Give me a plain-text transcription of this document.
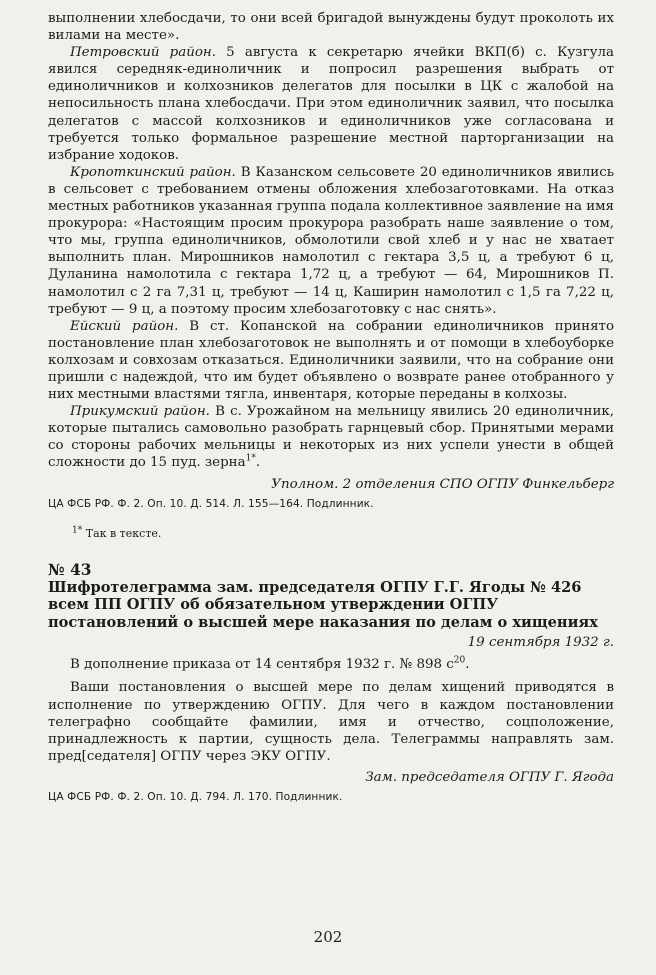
выполнении хлебосдачи, то они всей бригадой вынуждены будут проколоть их вилами на месте».

Петровский район. 5 августа к секретарю ячейки ВКП(б) с. Кузгула явился середняк-единоличник и попросил разрешения выбрать от единоличников и колхозников делегатов для посылки в ЦК с жалобой на непосильность плана хлебосдачи. При этом единоличник заявил, что посылка делегатов с массой колхозников и единоличников уже согласована и требуется только формальное разрешение местной парторганизации на избрание ходоков.

Кропоткинский район. В Казанском сельсовете 20 единоличников явились в сельсовет с требованием отмены обложения хлебозаготовками. На отказ местных работников указанная группа подала коллективное заявление на имя прокурора: «Настоящим просим прокурора разобрать наше заявление о том, что мы, группа единоличников, обмолотили свой хлеб и у нас не хватает выполнить план. Мирошников намолотил с гектара 3,5 ц, а требуют 6 ц, Дуланина намолотила с гектара 1,72 ц, а требуют — 64, Мирошников П. намолотил с 2 га 7,31 ц, требуют — 14 ц, Каширин намолотил с 1,5 га 7,22 ц, требуют — 9 ц, а поэтому просим хлебозаготовку с нас снять».

Ейский район. В ст. Копанской на собрании единоличников принято постановление план хлебозаготовок не выполнять и от помощи в хлебоуборке колхозам и совхозам отказаться. Единоличники заявили, что на собрание они пришли с надеждой, что им будет объявлено о возврате ранее отобранного у них местными властями тягла, инвентаря, которые переданы в колхозы.

Прикумский район. В с. Урожайном на мельницу явились 20 единоличник, которые пытались самовольно разобрать гарнцевый сбор. Принятыми мерами со стороны рабочих мельницы и некоторых из них успели унести в общей сложности до 15 пуд. зерна$^{1*}$.

Уполном. 2 отделения СПО ОГПУ Финкельберг
ЦА ФСБ РФ. Ф. 2. Оп. 10. Д. 514. Л. 155—164. Подлинник.
$^{1*}$ Так в тексте.
№ 43
Шифротелеграмма зам. председателя ОГПУ Г.Г. Ягоды № 426 всем ПП ОГПУ об обязательном утверждении ОГПУ постановлений о высшей мере наказания по делам о хищениях
19 сентября 1932 г.

В дополнение приказа от 14 сентября 1932 г. № 898 $с^{20}$.

Ваши постановления о высшей мере по делам хищений приводятся в исполнение по утверждению ОГПУ. Для чего в каждом постановлении телеграфно сообщайте фамилии, имя и отчество, соцположение, принадлежность к партии, сущность дела. Телеграммы направлять зам. пред[седателя] ОГПУ через ЭКУ ОГПУ.

Зам. председателя ОГПУ Г. Ягода
ЦА ФСБ РФ. Ф. 2. Оп. 10. Д. 794. Л. 170. Подлинник.
202
